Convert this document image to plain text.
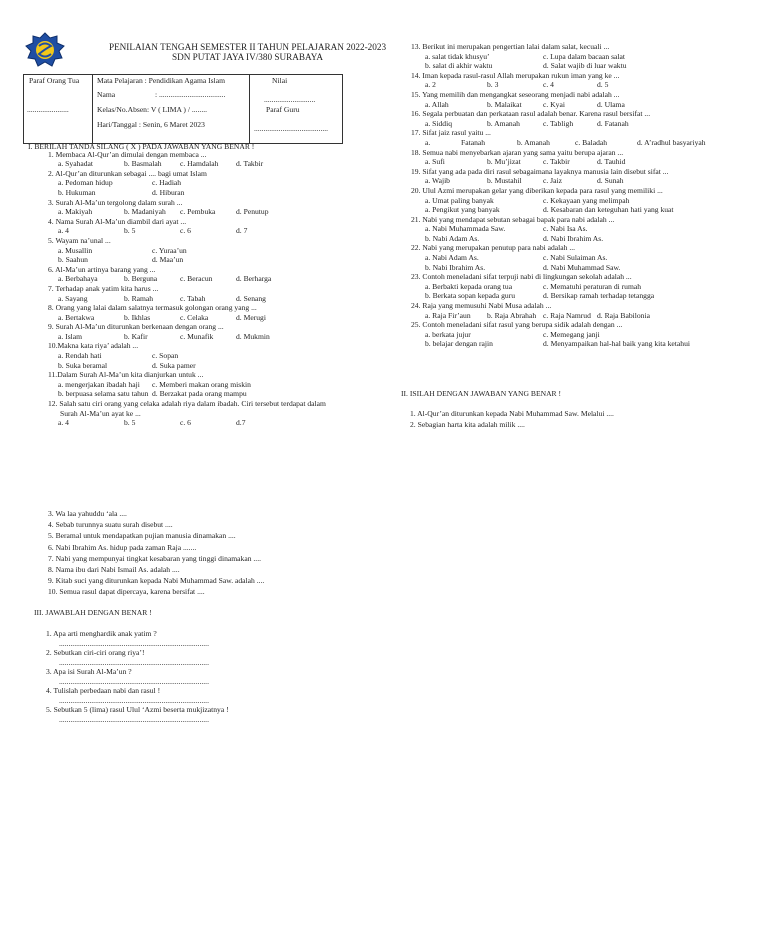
PENILAIAN TENGAH SEMESTER II TAHUN PELAJARAN 2022-2023
SDN PUTAT JAYA IV/380 SURABAYA
Paraf Orang Tua
......................
Mata Pelajaran : Pendidikan Agama Islam
Nama	: ...................................
Kelas/No.Absen: V ( LIMA ) / ........
Hari/Tanggal : Senin, 6 Maret 2023
Nilai
...........................
Paraf Guru
.......................................
I. BERILAH TANDA SILANG ( X ) PADA JAWABAN YANG BENAR !
1. Membaca Al-Qur’an dimulai dengan membaca ...
a. Syahadat	b. Basmalah c. Hamdalah d. Takbir
2. Al-Qur’an diturunkan sebagai .... bagi umat Islam
a. Pedoman hidup	c. Hadiah
b. Hukuman	d. Hiburan
3. Surah Al-Ma’un tergolong dalam surah ...
a. Makiyah	b. Madaniyah c. Pembuka	d. Penutup
4. Nama Surah Al-Ma’un diambil dari ayat ...
a. 4	b. 5	c. 6	d. 7
5. Wayam na’unal ...
a. Musallin	c. Yuraa’un
b. Saahun	d. Maa’un
6. Al-Ma’un artinya barang yang ...
a. Berbahaya	b. Berguna	c. Beracun	d. Berharga
7. Terhadap anak yatim kita harus ...
a. Sayang	b. Ramah	c. Tabah	d. Senang
8. Orang yang lalai dalam salatnya termasuk golongan orang yang ...
a. Bertakwa	b. Ikhlas	c. Celaka	d. Merugi
9. Surah Al-Ma’un diturunkan berkenaan dengan orang ...
a. Islam	b. Kafir	c. Munafik	d. Mukmin
10.Makna kata riya’ adalah ...
a. Rendah hati	c. Sopan
b. Suka beramal	d. Suka pamer
11.Dalam Surah Al-Ma’un kita dianjurkan untuk ...
a. mengerjakan ibadah haji c. Memberi makan orang miskin
b. berpuasa selama satu tahun d. Berzakat pada orang mampu
12. Salah satu ciri orang yang celaka adalah riya dalam ibadah. Ciri tersebut terdapat dalam
Surah Al-Ma’un ayat ke ...
a. 4	b. 5	c. 6	d.7
13. Berikut ini merupakan pengertian lalai dalam salat, kecuali ...
a. salat tidak khusyu’	c. Lupa dalam bacaan salat
b. salat di akhir waktu	d. Salat wajib di luar waktu
14. Iman kepada rasul-rasul Allah merupakan rukun iman yang ke ...
a. 2	b. 3	c. 4	d. 5
15. Yang memilih dan mengangkat seseorang menjadi nabi adalah ...
a. Allah	b. Malaikat	c. Kyai	d. Ulama
16. Segala perbuatan dan perkataan rasul adalah benar. Karena rasul bersifat ...
a. Siddiq	b. Amanah	c. Tabligh	d. Fatanah
17. Sifat jaiz rasul yaitu ...
a.	Fatanah	b. Amanah	c. Baladah	d. A’radhul basyariyah
18. Semua nabi menyebarkan ajaran yang sama yaitu berupa ajaran ...
a. Sufi	b. Mu’jizat	c. Takbir	d. Tauhid
19. Sifat yang ada pada diri rasul sebagaimana layaknya manusia lain disebut sifat ...
a. Wajib	b. Mustahil	c. Jaiz	d. Sunah
20. Ulul Azmi merupakan gelar yang diberikan kepada para rasul yang memiliki ...
a. Umat paling banyak	c. Kekayaan yang melimpah
a. Pengikut yang banyak	d. Kesabaran dan keteguhan hati yang kuat
21. Nabi yang mendapat sebutan sebagai bapak para nabi adalah ...
a. Nabi Muhammada Saw.	c. Nabi Isa As.
b. Nabi Adam As.	d. Nabi Ibrahim As.
22. Nabi yang merupakan penutup para nabi adalah ...
a. Nabi Adam As.	c. Nabi Sulaiman As.
b. Nabi Ibrahim As.	d. Nabi Muhammad Saw.
23. Contoh meneladani sifat terpuji nabi di lingkungan sekolah adalah ...
a. Berbakti kepada orang tua	c. Mematuhi peraturan di rumah
b. Berkata sopan kepada guru	d. Bersikap ramah terhadap tetangga
24. Raja yang memusuhi Nabi Musa adalah ...
a. Raja Fir’aun b. Raja Abrahah c. Raja Namrud d. Raja Babilonia
25. Contoh meneladani sifat rasul yang berupa sidik adalah dengan ...
a. berkata jujur	c. Memegang janji
b. belajar dengan rajin	d. Menyampaikan hal-hal baik yang kita ketahui
II. ISILAH DENGAN JAWABAN YANG BENAR !
1. Al-Qur’an diturunkan kepada Nabi Muhammad Saw. Melalui ....
2. Sebagian harta kita adalah milik ....
3. Wa laa yahuddu ‘ala ....
4. Sebab turunnya suatu surah disebut ....
5. Beramal untuk mendapatkan pujian manusia dinamakan ....
6. Nabi Ibrahim As. hidup pada zaman Raja .......
7. Nabi yang mempunyai tingkat kesabaran yang tinggi dinamakan ....
8. Nama ibu dari Nabi Ismail As. adalah ....
9. Kitab suci yang diturunkan kepada Nabi Muhammad Saw. adalah ....
10. Semua rasul dapat dipercaya, karena bersifat ....
III. JAWABLAH DENGAN BENAR !
1. Apa arti menghardik anak yatim ?
...............................................................................
2. Sebutkan ciri-ciri orang riya’!
...............................................................................
3. Apa isi Surah Al-Ma’un ?
...............................................................................
4. Tulislah perbedaan nabi dan rasul !
...............................................................................
5. Sebutkan 5 (lima) rasul Ulul ‘Azmi beserta mukjizatnya !
...............................................................................
